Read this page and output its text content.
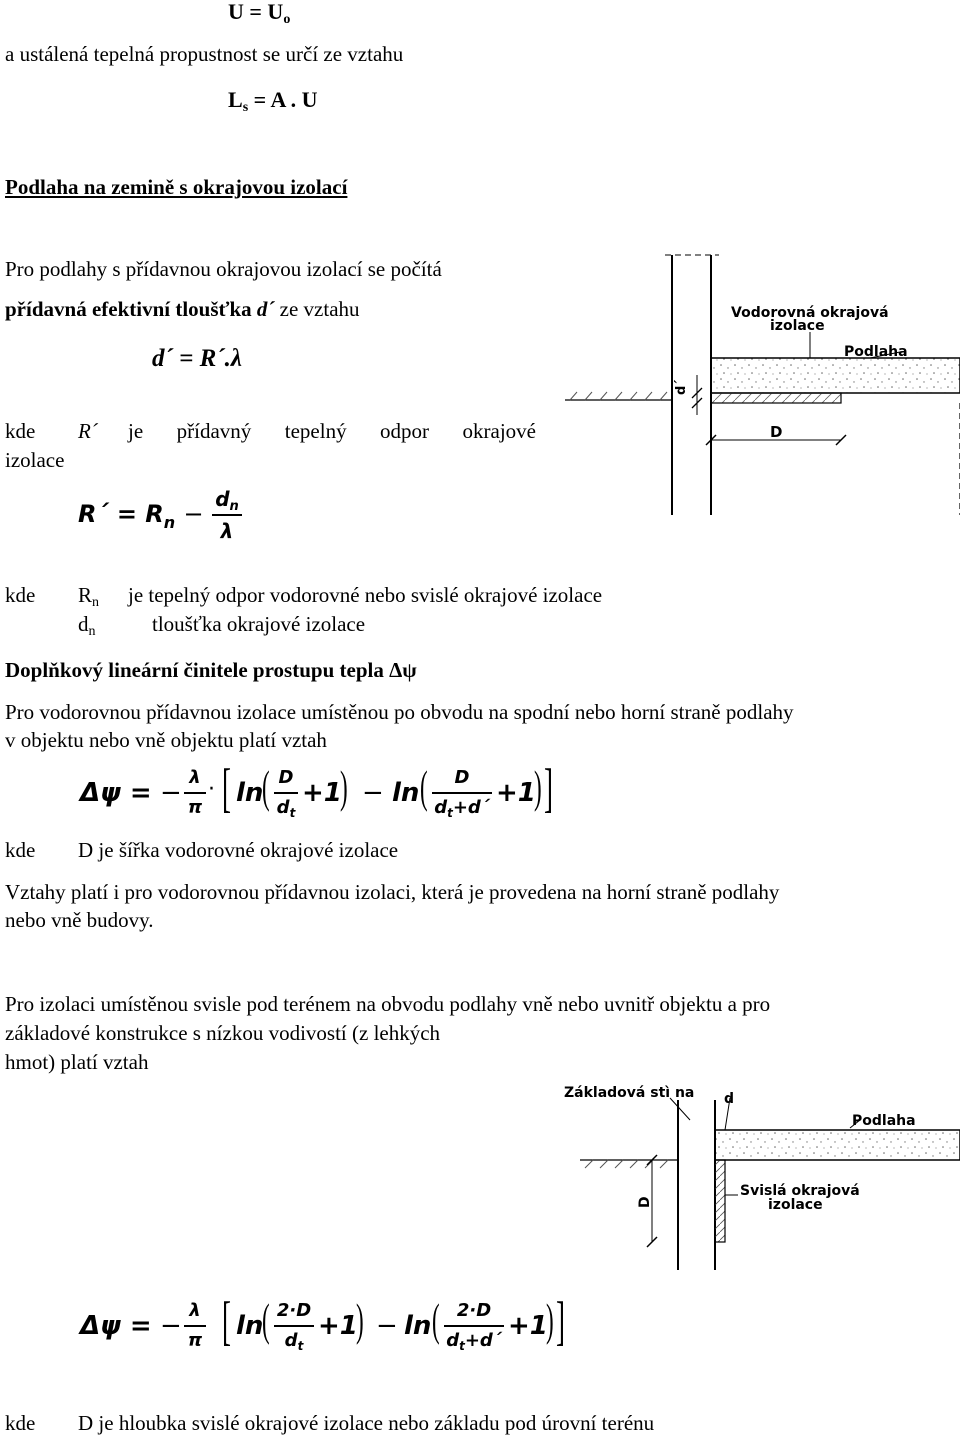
$U = U_o$
a ustálená tepelná propustnost se určí ze vztahu
$L_s = A$ . U
Podlaha na zemině s okrajovou izolací
Pro podlahy s přídavnou okrajovou izolací se počítá
přídavná efektivní tloušťka d´ ze vztahu
d´ = R´.λ
kde R´ je přídavný tepelný odpor okrajové
izolace
R´ = $R_n$ −
$d_n$
λ
kde $R_n$ je tepelný odpor vodorovné nebo svislé okrajové izolace
$d_n$	tloušťka okrajové izolace
d´
D
Vodorovná okrajová
izolace
Podlaha
Doplňkový lineární činitele prostupu tepla Δψ
Pro vodorovnou přídavnou izolace umístěnou po obvodu na spodní nebo horní straně podlahy
v objektu nebo vně objektu platí vztah
Δψ = −
λ
π
· [ ln
( D
$d_t$
+1
) − ln (	D
$d_t+d´ +1$
) ]
kde D je šířka vodorovné okrajové izolace
Vztahy platí i pro vodorovnou přídavnou izolaci, která je provedena na horní straně podlahy
nebo vně budovy.
Pro izolaci umístěnou svisle pod terénem na obvodu podlahy vně nebo uvnitř objektu a pro
základové konstrukce s nízkou vodivostí (z lehkých
hmot) platí vztah
D
Základová stì na d
Podlaha
Svislá okrajová
izolace
Δψ = −
λ
π [ ln
( 2·D
$d_t$
+1
) − ln ( 2·D
$d_t+d´ +1$
) ]
kde D je hloubka svislé okrajové izolace nebo základu pod úrovní terénu
